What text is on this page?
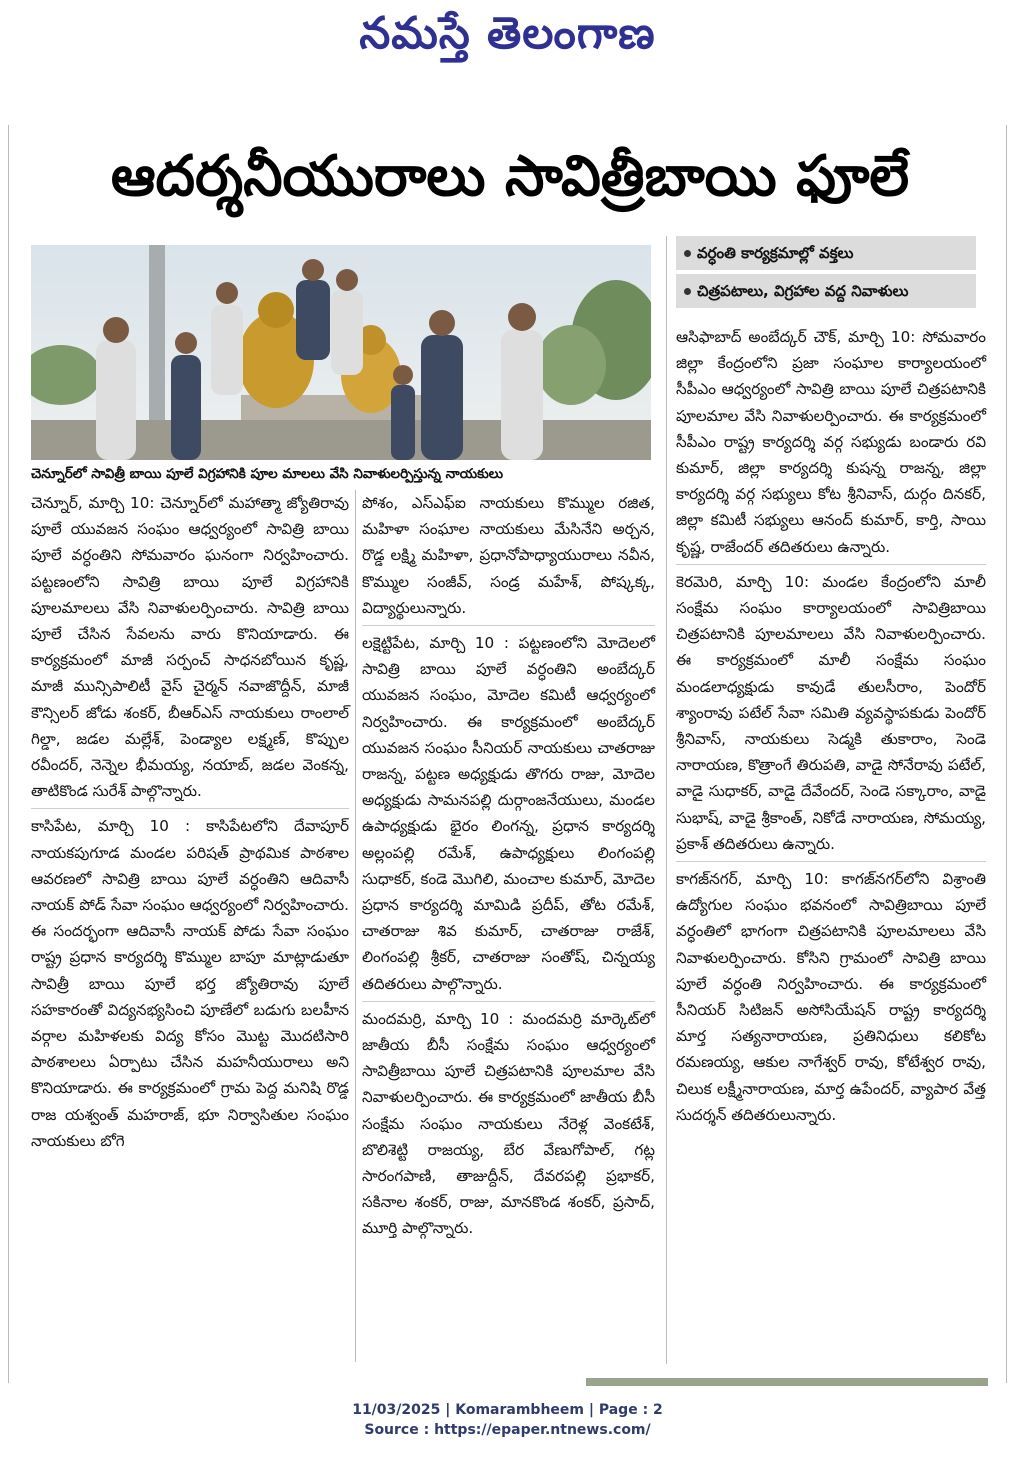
నమస్తే తెలంగాణ
ఆదర్శనీయురాలు సావిత్రీబాయి ఫూలే
చెన్నూర్‌లో సావిత్రీ బాయి పూలే విగ్రహానికి పూల మాలలు వేసి నివాళులర్పిస్తున్న నాయకులు
వర్ధంతి కార్యక్రమాల్లో వక్తలు
చిత్రపటాలు, విగ్రహాల వద్ద నివాళులు

చెన్నూర్, మార్చి 10: చెన్నూర్‌లో మహాత్మా జ్యోతిరావు పూలే యువజన సంఘం ఆధ్వర్యంలో సావిత్రి బాయి పూలే వర్ధంతిని సోమవారం ఘనంగా నిర్వహించారు. పట్టణంలోని సావిత్రి బాయి పూలే విగ్రహానికి పూలమాలలు వేసి నివాళులర్పించారు. సావిత్రి బాయి పూలే చేసిన సేవలను వారు కొనియాడారు. ఈ కార్యక్రమంలో మాజీ సర్పంచ్ సాధనబోయిన కృష్ణ, మాజీ మున్సిపాలిటీ వైస్ చైర్మన్ నవాజొద్దీన్, మాజీ కౌన్సిలర్ జోడు శంకర్, బీఆర్‌ఎస్ నాయకులు రాంలాల్ గిల్డా, జడల మల్లేశ్, పెండ్యాల లక్ష్మణ్, కొప్పుల రవీందర్, నెన్నెల భీమయ్య, నయాబ్, జడల వెంకన్న, తాటికొండ సురేశ్ పాల్గొన్నారు.

కాసిపేట, మార్చి 10 : కాసిపేటలోని దేవాపూర్ నాయకపుగూడ మండల పరిషత్ ప్రాథమిక పాఠశాల ఆవరణలో సావిత్రి బాయి పూలే వర్ధంతిని ఆదివాసీ నాయక్ పోడ్ సేవా సంఘం ఆధ్వర్యంలో నిర్వహించారు. ఈ సందర్భంగా ఆదివాసీ నాయక్ పోడు సేవా సంఘం రాష్ట్ర ప్రధాన కార్యదర్శి కొమ్ముల బాపూ మాట్లాడుతూ సావిత్రీ బాయి పూలే భర్త జ్యోతిరావు పూలే సహకారంతో విద్యనభ్యసించి పూణేలో బడుగు బలహీన వర్గాల మహిళలకు విద్య కోసం మొట్ట మొదటిసారి పాఠశాలలు ఏర్పాటు చేసిన మహనీయురాలు అని కొనియాడారు. ఈ కార్యక్రమంలో గ్రామ పెద్ద మనిషి రొడ్డ రాజ యశ్వంత్ మహరాజ్, భూ నిర్వాసితుల సంఘం నాయకులు బోగె

పోశం, ఎస్‌ఎఫ్‌ఐ నాయకులు కొమ్ముల రజిత, మహిళా సంఘాల నాయకులు మేసినేని అర్చన, రొడ్డ లక్ష్మి మహిళా, ప్రధానోపాధ్యాయురాలు నవీన, కొమ్ముల సంజీవ్, సండ్ర మహేశ్, పోష్కక్క, విద్యార్థులున్నారు.

లక్షెట్టిపేట, మార్చి 10 : పట్టణంలోని మోదెలలో సావిత్రి బాయి పూలే వర్ధంతిని అంబేద్కర్ యువజన సంఘం, మోదెల కమిటీ ఆధ్వర్యంలో నిర్వహించారు. ఈ కార్యక్రమంలో అంబేద్కర్ యువజన సంఘం సీనియర్ నాయకులు చాతరాజు రాజన్న, పట్టణ అధ్యక్షుడు తొగరు రాజు, మోదెల అధ్యక్షుడు సామనపల్లి దుర్గాంజనేయులు, మండల ఉపాధ్యక్షుడు భైరం లింగన్న, ప్రధాన కార్యదర్శి అల్లంపల్లి రమేశ్, ఉపాధ్యక్షులు లింగంపల్లి సుధాకర్, కండె మొగిలి, మంచాల కుమార్, మోదెల ప్రధాన కార్యదర్శి మామిడి ప్రదీప్, తోట రమేశ్, చాతరాజు శివ కుమార్, చాతరాజు రాజేశ్, లింగంపల్లి శ్రీకర్, చాతరాజు సంతోష్, చిన్నయ్య తదితరులు పాల్గొన్నారు.

మందమర్రి, మార్చి 10 : మందమర్రి మార్కెట్‌లో జాతీయ బీసీ సంక్షేమ సంఘం ఆధ్వర్యంలో సావిత్రీబాయి పూలే చిత్రపటానికి పూలమాల వేసి నివాళులర్పించారు. ఈ కార్యక్రమంలో జాతీయ బీసీ సంక్షేమ సంఘం నాయకులు నేరెళ్ల వెంకటేశ్, బొలిశెట్టి రాజయ్య, బేర వేణుగోపాల్, గట్ల సారంగపాణి, తాజుద్దీన్, దేవరపల్లి ప్రభాకర్, సకినాల శంకర్, రాజు, మానకొండ శంకర్, ప్రసాద్, మూర్తి పాల్గొన్నారు.

ఆసిఫాబాద్ అంబేద్కర్ చౌక్, మార్చి 10: సోమవారం జిల్లా కేంద్రంలోని ప్రజా సంఘాల కార్యాలయంలో సీపీఎం ఆధ్వర్యంలో సావిత్రి బాయి పూలే చిత్రపటానికి పూలమాల వేసి నివాళులర్పించారు. ఈ కార్యక్రమంలో సీపీఎం రాష్ట్ర కార్యదర్శి వర్గ సభ్యుడు బండారు రవి కుమార్, జిల్లా కార్యదర్శి కుషన్న రాజన్న, జిల్లా కార్యదర్శి వర్గ సభ్యులు కోట శ్రీనివాస్, దుర్గం దినకర్, జిల్లా కమిటీ సభ్యులు ఆనంద్ కుమార్, కార్తి, సాయి కృష్ణ, రాజేందర్ తదితరులు ఉన్నారు.

కెరమెరి, మార్చి 10: మండల కేంద్రంలోని మాలీ సంక్షేమ సంఘం కార్యాలయంలో సావిత్రిబాయి చిత్రపటానికి పూలమాలలు వేసి నివాళులర్పించారు. ఈ కార్యక్రమంలో మాలీ సంక్షేమ సంఘం మండలాధ్యక్షుడు కావుడే తులసీరాం, పెందోర్ శ్యాంరావు పటేల్ సేవా సమితి వ్యవస్థాపకుడు పెందోర్ శ్రీనివాస్, నాయకులు సెడ్మకి తుకారాం, సెండె నారాయణ, కొత్రాంగే తిరుపతి, వాడై సోనేరావు పటేల్, వాడై సుధాకర్, వాడై దేవేందర్, సెండె సక్కారాం, వాడై సుభాష్, వాడై శ్రీకాంత్, నికోడే నారాయణ, సోమయ్య, ప్రకాశ్ తదితరులు ఉన్నారు.

కాగజ్‌నగర్, మార్చి 10: కాగజ్‌నగర్‌లోని విశ్రాంతి ఉద్యోగుల సంఘం భవనంలో సావిత్రిబాయి పూలే వర్ధంతిలో భాగంగా చిత్రపటానికి పూలమాలలు వేసి నివాళులర్పించారు. కోసిని గ్రామంలో సావిత్రి బాయి పూలే వర్ధంతి నిర్వహించారు. ఈ కార్యక్రమంలో సీనియర్ సిటిజన్ అసోసియేషన్ రాష్ట్ర కార్యదర్శి మార్త సత్యనారాయణ, ప్రతినిధులు కలికోట రమణయ్య, ఆకుల నాగేశ్వర్ రావు, కోటేశ్వర రావు, చిలుక లక్ష్మీనారాయణ, మార్త ఉపేందర్, వ్యాపార వేత్త సుదర్శన్ తదితరులున్నారు.

11/03/2025 | Komarambheem | Page : 2
Source : https://epaper.ntnews.com/
